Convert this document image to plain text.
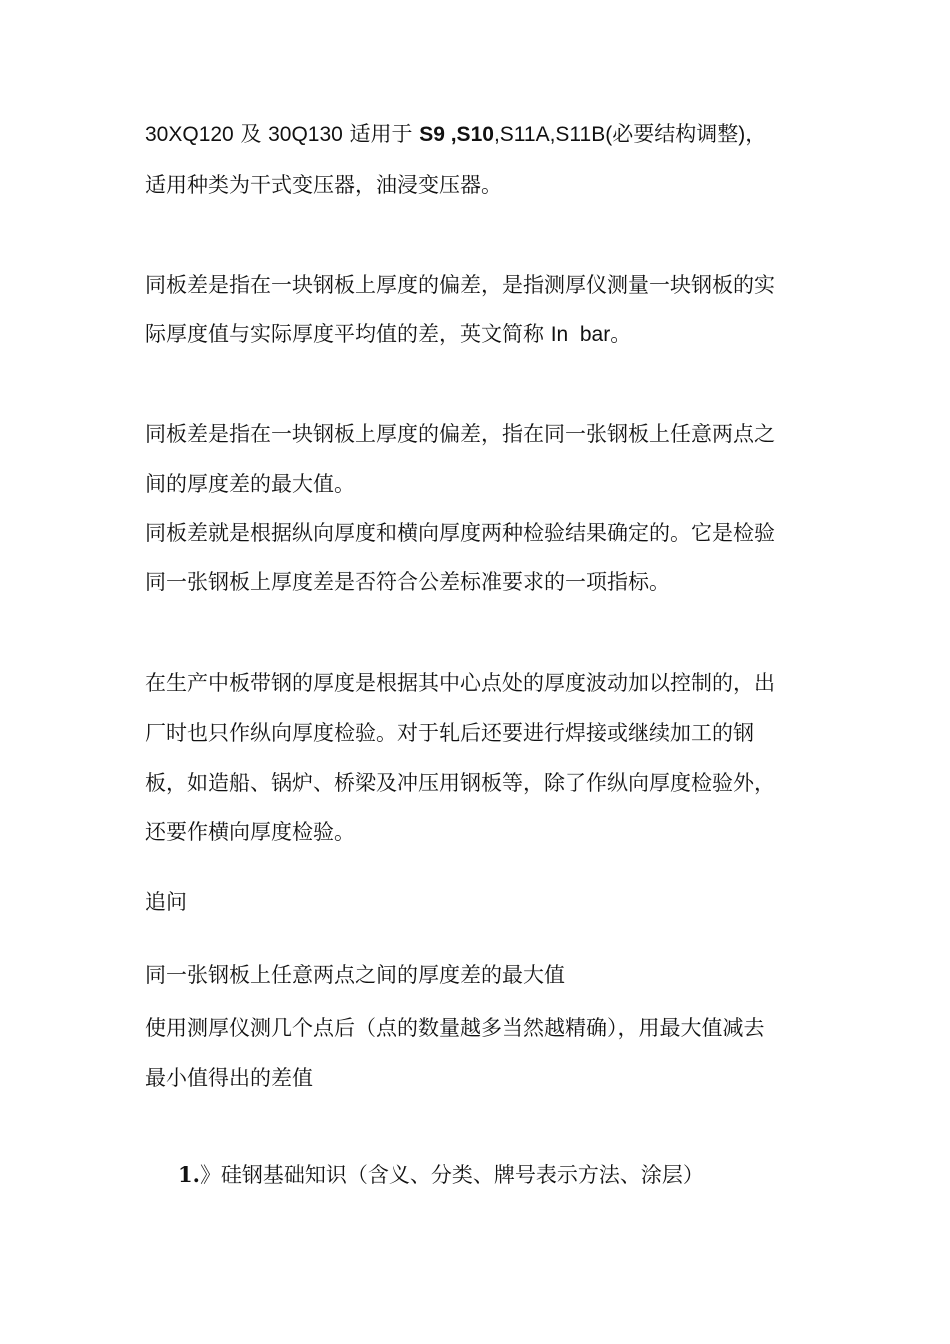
30XQ120 及 30Q130 适用于 S9 ,S10,S11A,S11B(必要结构调整)，
适用种类为干式变压器，油浸变压器。
同板差是指在一块钢板上厚度的偏差，是指测厚仪测量一块钢板的实
际厚度值与实际厚度平均值的差，英文简称 In  bar。
同板差是指在一块钢板上厚度的偏差，指在同一张钢板上任意两点之
间的厚度差的最大值。
同板差就是根据纵向厚度和横向厚度两种检验结果确定的。它是检验
同一张钢板上厚度差是否符合公差标准要求的一项指标。
在生产中板带钢的厚度是根据其中心点处的厚度波动加以控制的，出
厂时也只作纵向厚度检验。对于轧后还要进行焊接或继续加工的钢
板，如造船、锅炉、桥梁及冲压用钢板等，除了作纵向厚度检验外，
还要作横向厚度检验。
追问
同一张钢板上任意两点之间的厚度差的最大值
使用测厚仪测几个点后（点的数量越多当然越精确），用最大值减去
最小值得出的差值
1.》硅钢基础知识（含义、分类、牌号表示方法、涂层）
